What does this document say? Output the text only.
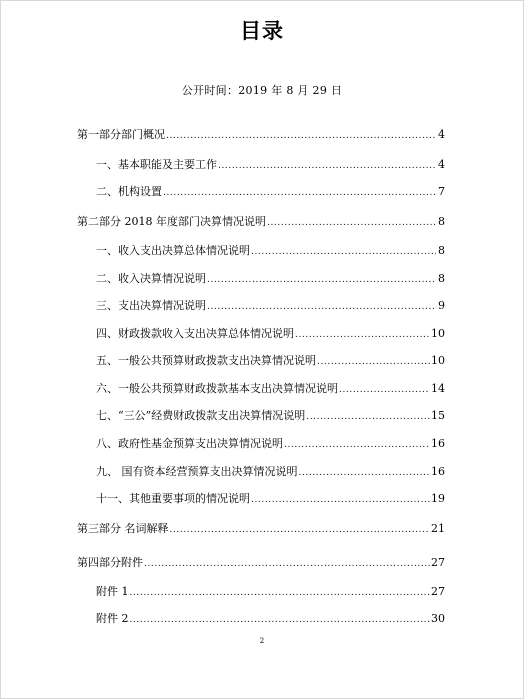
目录
公开时间：2019 年 8 月 29 日
第一部分部门概况 .....	4
一、基本职能及主要工作 .....	4
二、机构设置 .....	7
第二部分 2018 年度部门决算情况说明 .....	8
一、收入支出决算总体情况说明 .....	8
二、收入决算情况说明 .....	8
三、支出决算情况说明 .....	9
四、财政拨款收入支出决算总体情况说明 .....	10
五、一般公共预算财政拨款支出决算情况说明 .....	10
六、一般公共预算财政拨款基本支出决算情况说明 .....	14
七、“三公”经费财政拨款支出决算情况说明 .....	15
八、政府性基金预算支出决算情况说明 .....	16
九、 国有资本经营预算支出决算情况说明 .....	16
十一、其他重要事项的情况说明 .....	19
第三部分 名词解释 .....	21
第四部分附件 .....	27
附件 1 .....	27
附件 2 .....	30
2
